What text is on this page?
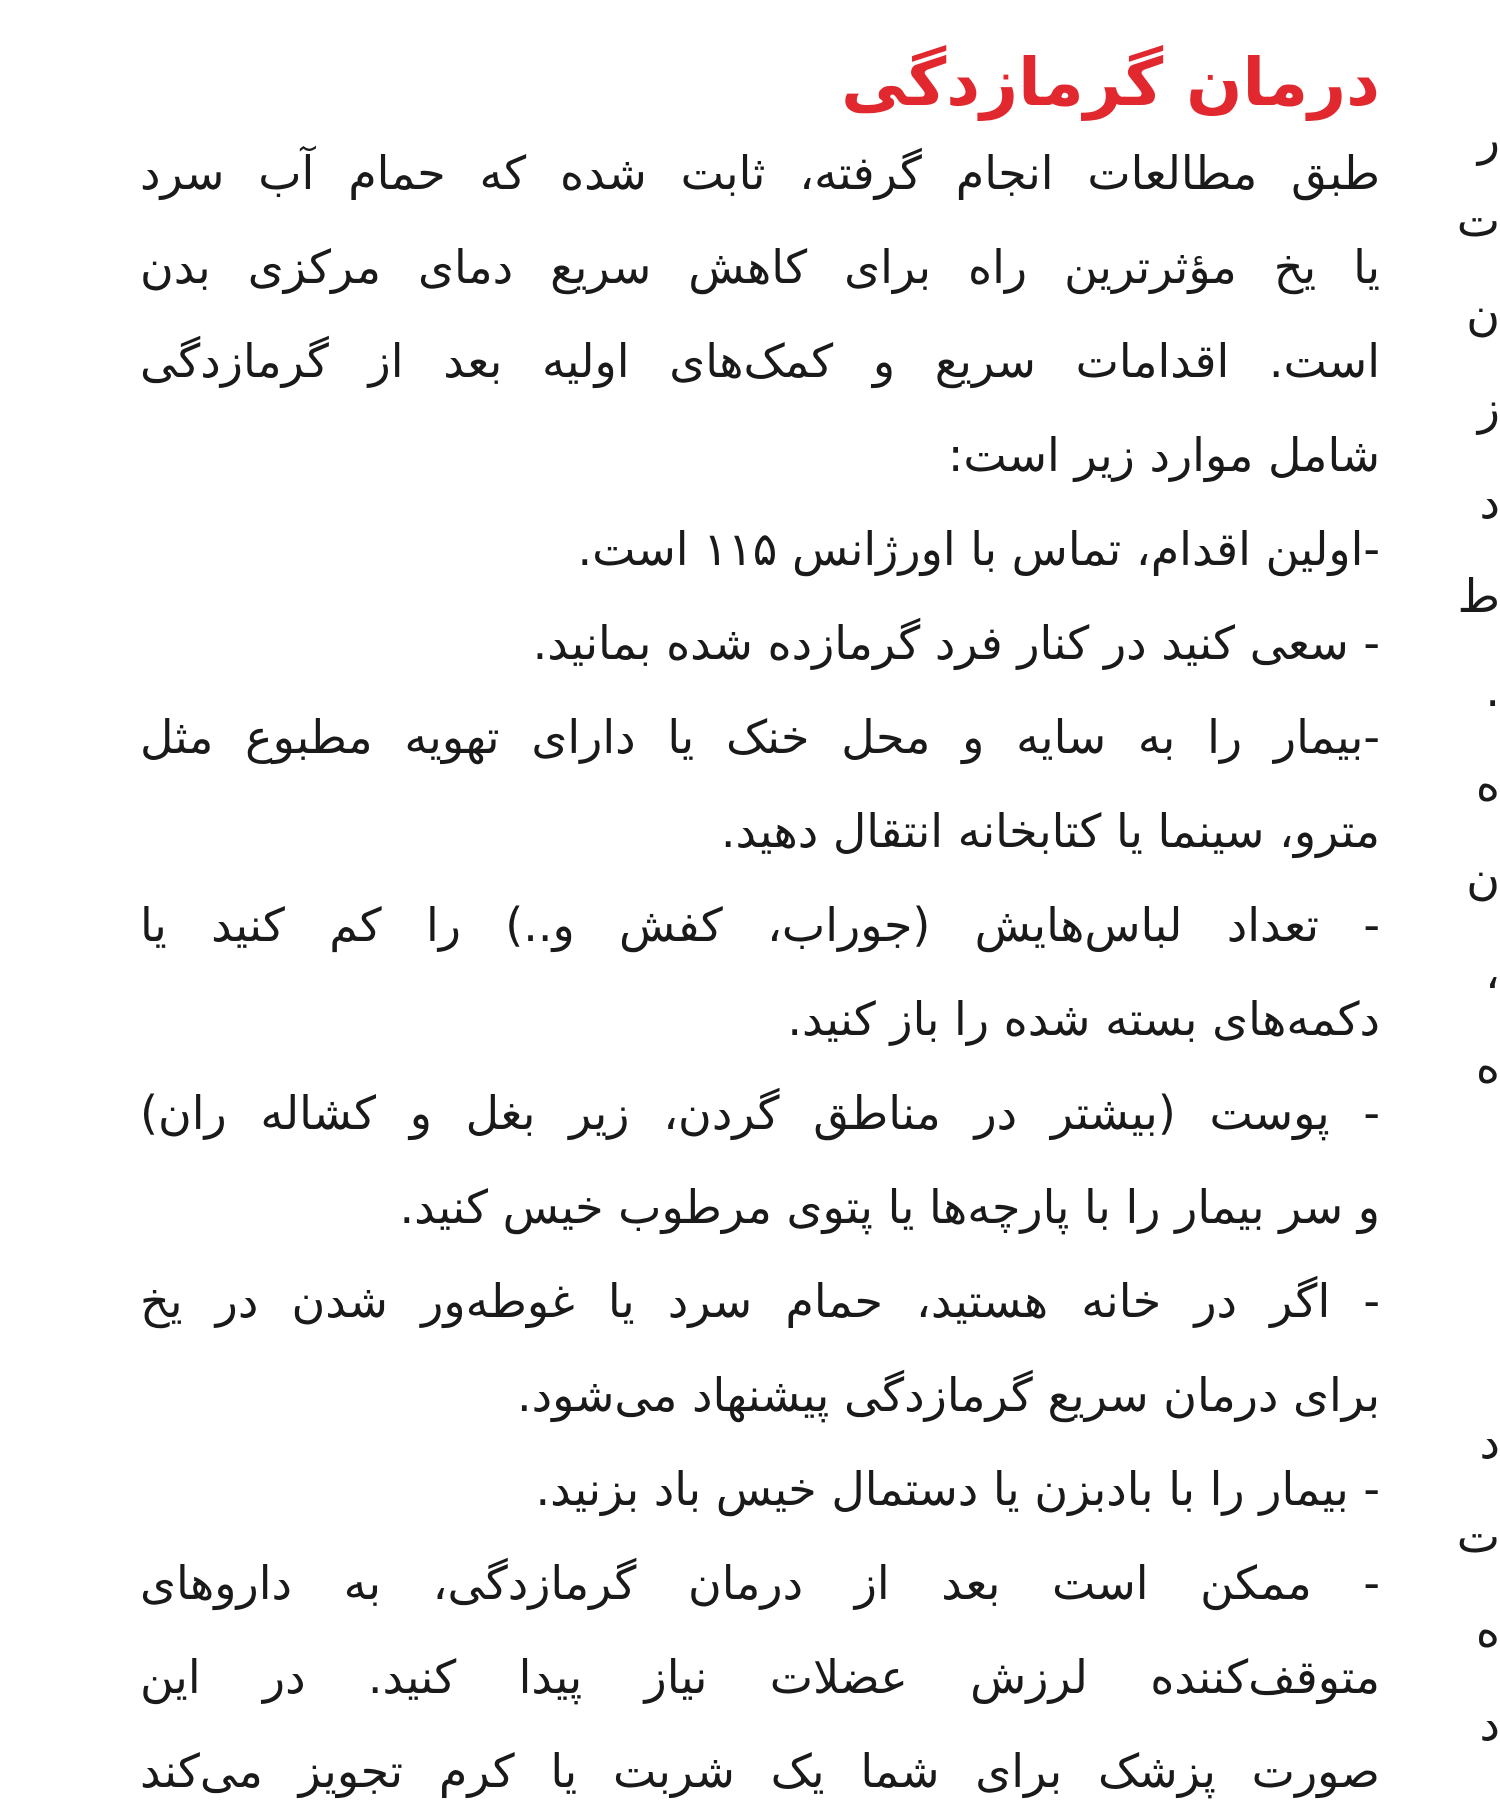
درمان گرمازدگی
طبق مطالعات انجام گرفته، ثابت شده که حمام آب سرد
یا یخ مؤثرترین راه برای کاهش سریع دمای مرکزی بدن
است. اقدامات سریع و کمک‌های اولیه بعد از گرمازدگی
شامل موارد زیر است:
-اولین اقدام، تماس با اورژانس ۱۱۵ است.
- سعی کنید در کنار فرد گرمازده شده بمانید.
-بیمار را به سایه و محل خنک یا دارای تهویه مطبوع مثل
مترو، سینما یا کتابخانه انتقال دهید.
- تعداد لباس‌هایش (جوراب، کفش و..) را کم کنید یا
دکمه‌های بسته شده را باز کنید.
- پوست (بیشتر در مناطق گردن، زیر بغل و کشاله ران)
و سر بیمار را با پارچه‌ها یا پتوی مرطوب خیس کنید.
- اگر در خانه هستید، حمام سرد یا غوطه‌ور شدن در یخ
برای درمان سریع گرمازدگی پیشنهاد می‌شود.
- بیمار را با بادبزن یا دستمال خیس باد بزنید.
- ممکن است بعد از درمان گرمازدگی، به داروهای
متوقف‌کننده لرزش عضلات نیاز پیدا کنید. در این
صورت پزشک برای شما یک شربت یا کرم تجویز می‌کند
ر
ت
ن
ز
د
ط
.
ه
ن
،
ه
د
ت
ه
د
